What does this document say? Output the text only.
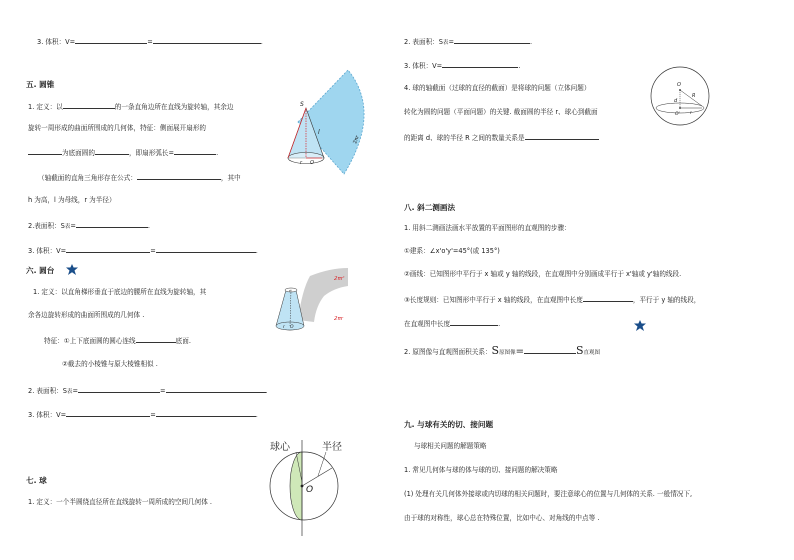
3. 体积：V=	=	.
五. 圆锥
1. 定义：以	的一条直角边所在直线为旋转轴，其余边
旋转一周形成的曲面所围成的几何体，特征：侧面展开扇形的
为底面圆的	，即扇形弧长=	.
（轴截面的直角三角形存在公式：	，其中
h 为高，l 为母线，r 为半径）
2.表面积：S表=	.
3. 体积：V=	=	.
S
l
r O
2πr
六. 圆台
1. 定义：以直角梯形垂直于底边的腰所在直线为旋转轴，其
余各边旋转形成的曲面所围成的几何体 .
特征：①上下底面圆的圆心连线	底面.
②截去的小棱锥与原大棱锥相似 .
2. 表面积：S表=	=	.
3. 体积：V=	=	.
2πr'
2πr
r O
r'
七. 球
1. 定义：一个半圆绕直径所在直线旋转一周所成的空间几何体 .
球心	半径
O
2. 表面积：S表=	.
3. 体积：V=	.
4. 球的轴截面（过球的直径的截面）是将球的问题（立体问题）
转化为圆的问题（平面问题）的关键. 截面圆的半径 r、球心到截面
的距离 d、球的半径 R 之间的数量关系是
O
d
R
r
O'
八. 斜二测画法
1. 用斜二测画法画水平放置的平面图形的直观图的步骤：
①建系：∠x'o'y'=45°(或 135°)
②画线：已知图形中平行于 x 轴或 y 轴的线段，在直观图中分别画成平行于 x'轴或 y'轴的线段.
③长度规则：已知图形中平行于 x 轴的线段，在直观图中长度	，平行于 y 轴的线段，
在直观图中长度	.
2. 原图像与直观图面积关系：S原图像=	S直观图
九. 与球有关的切、接问题
与球相关问题的解题策略
1. 常见几何体与球的体与球的切、接问题的解决策略
(1) 处理有关几何体外接球或内切球的相关问题时，要注意球心的位置与几何体的关系. 一般情况下,
由于球的对称性，球心总在特殊位置，比如中心、对角线的中点等 .
